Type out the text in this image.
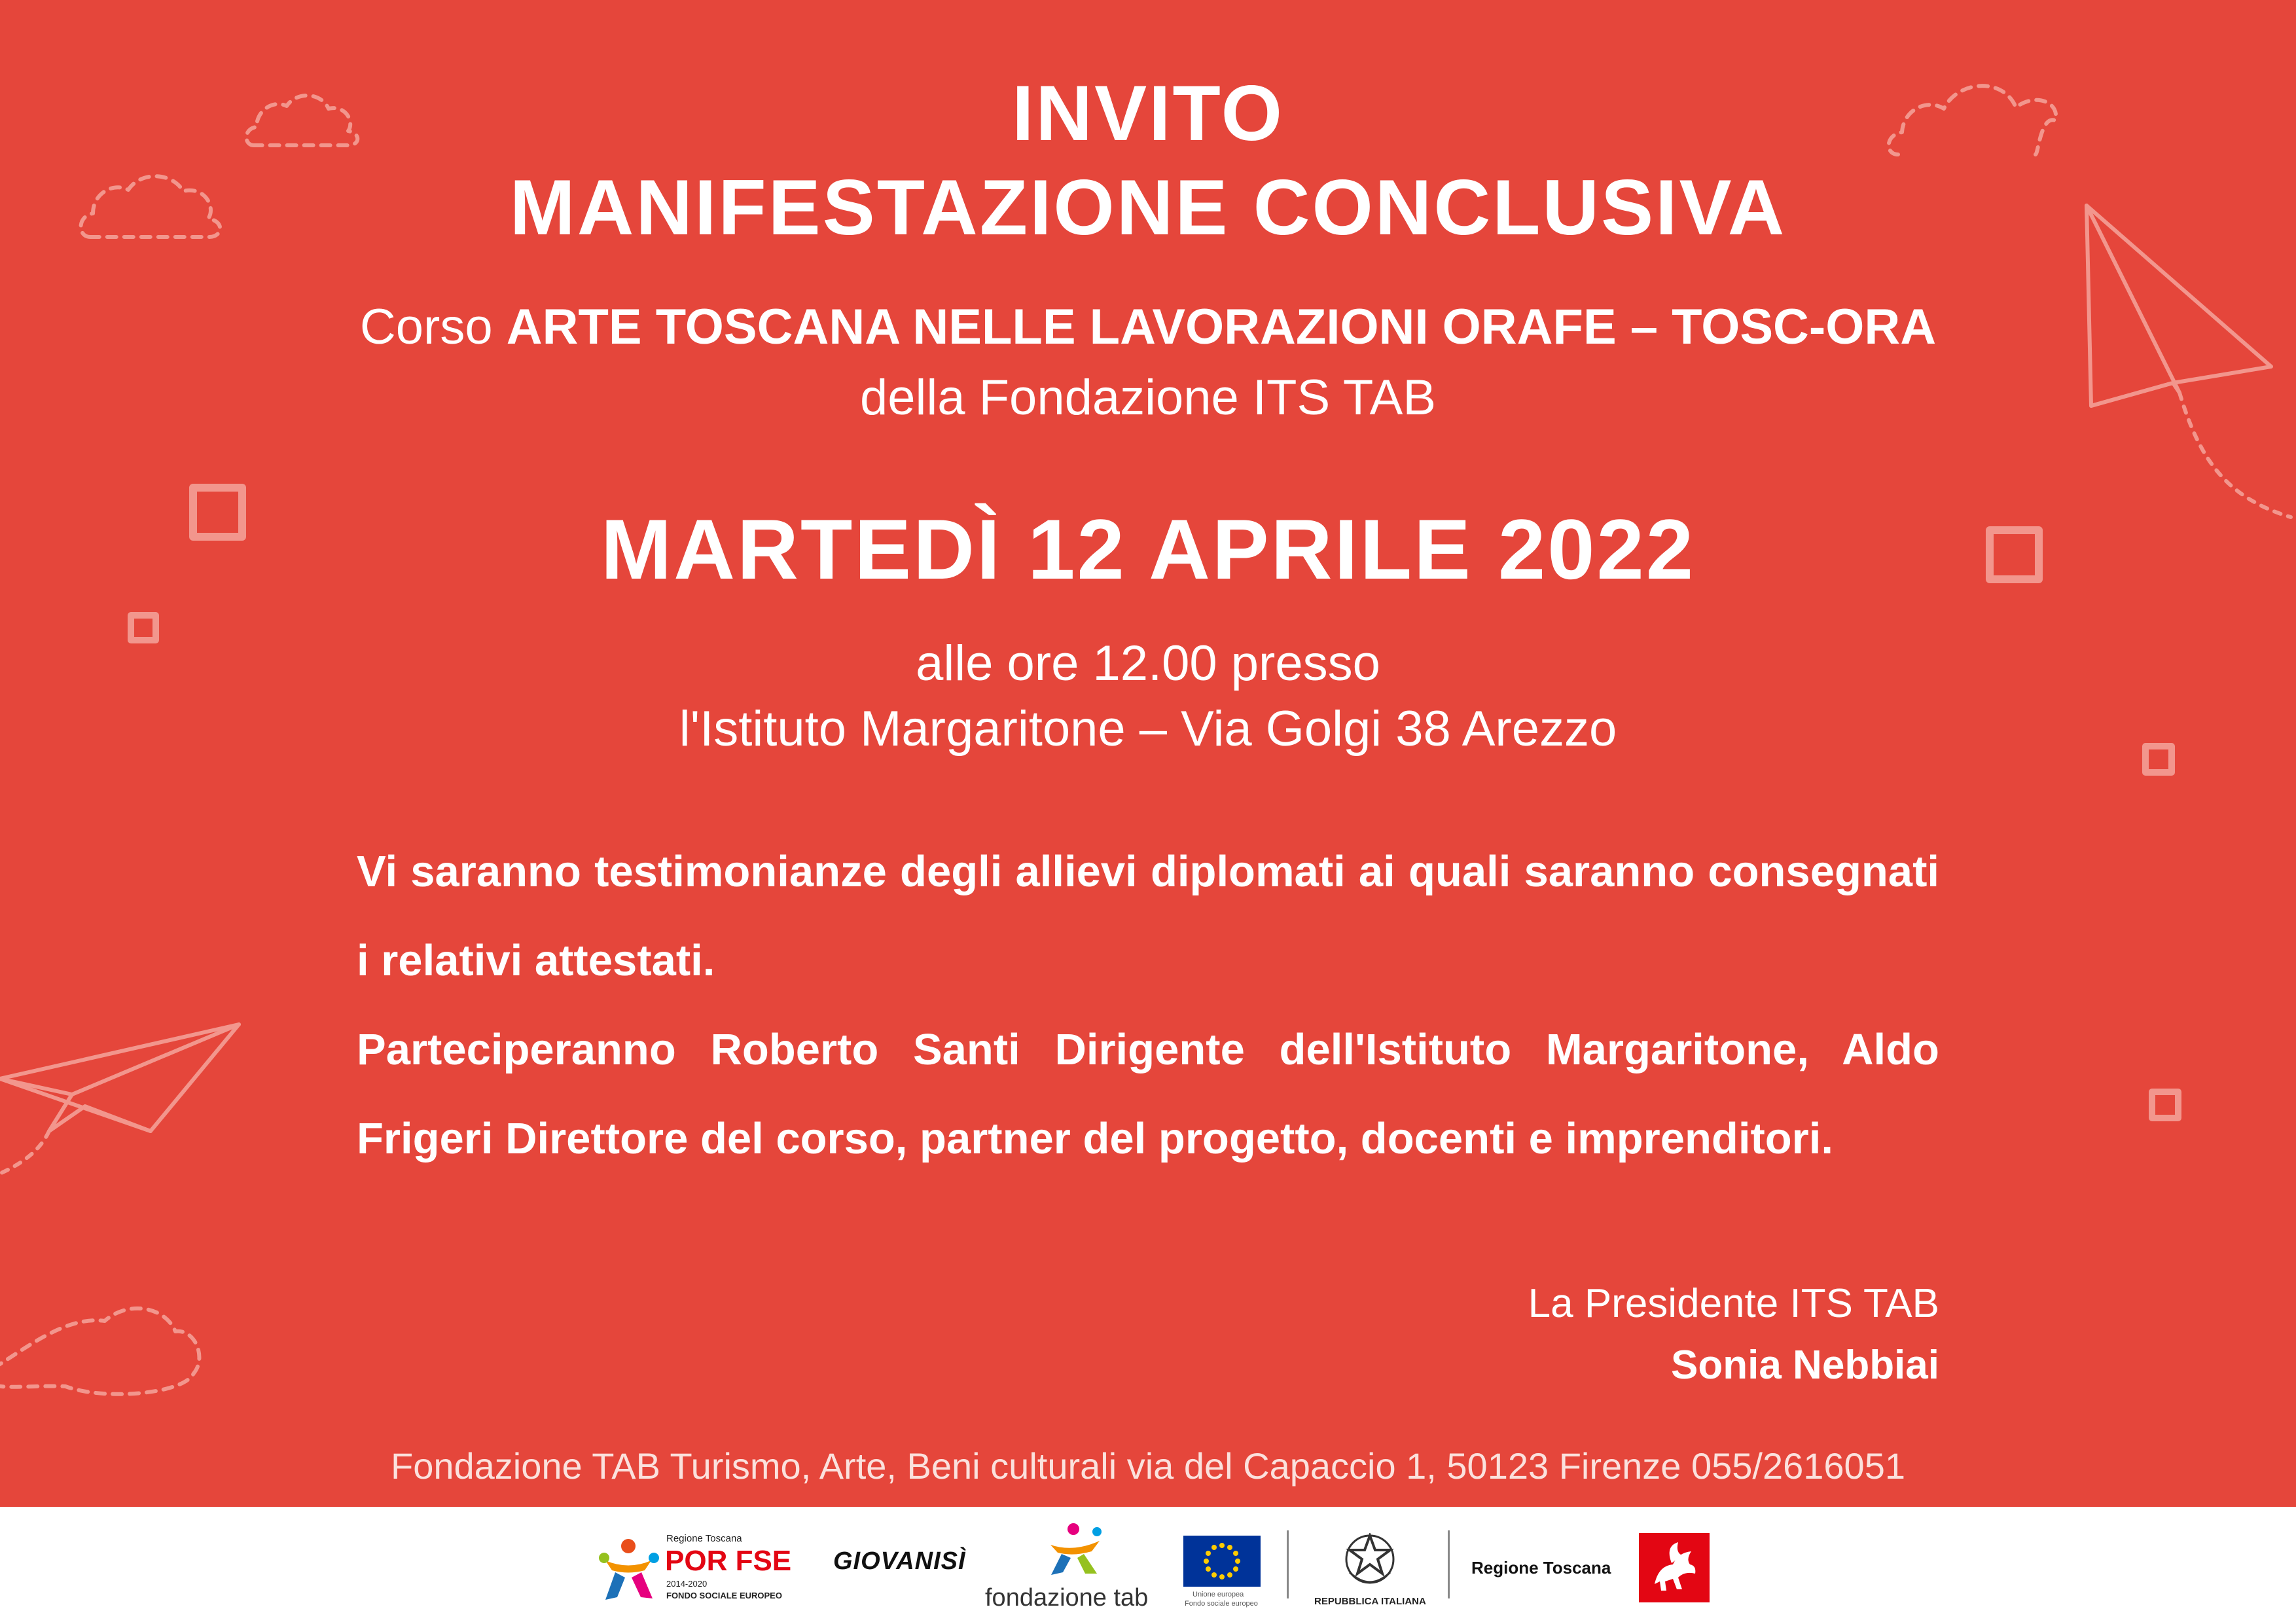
INVITO
MANIFESTAZIONE CONCLUSIVA
Corso ARTE TOSCANA NELLE LAVORAZIONI ORAFE – TOSC-ORA
della Fondazione ITS TAB
MARTEDÌ 12 APRILE 2022
alle ore 12.00 presso
l'Istituto Margaritone – Via Golgi 38 Arezzo

Vi saranno testimonianze degli allievi diplomati ai quali saranno consegnati i relativi attestati.

Parteciperanno Roberto Santi Dirigente dell'Istituto Margaritone, Aldo Frigeri Direttore del corso, partner del progetto, docenti e imprenditori.

La Presidente ITS TAB
Sonia Nebbiai
Fondazione TAB Turismo, Arte, Beni culturali via del Capaccio 1, 50123 Firenze 055/2616051
Regione Toscana
POR FSE
2014-2020
FONDO SOCIALE EUROPEO
GIOVANISÌ
fondazione tab	Unione europea
Fondo sociale europeo	REPUBBLICA ITALIANA
Regione Toscana
